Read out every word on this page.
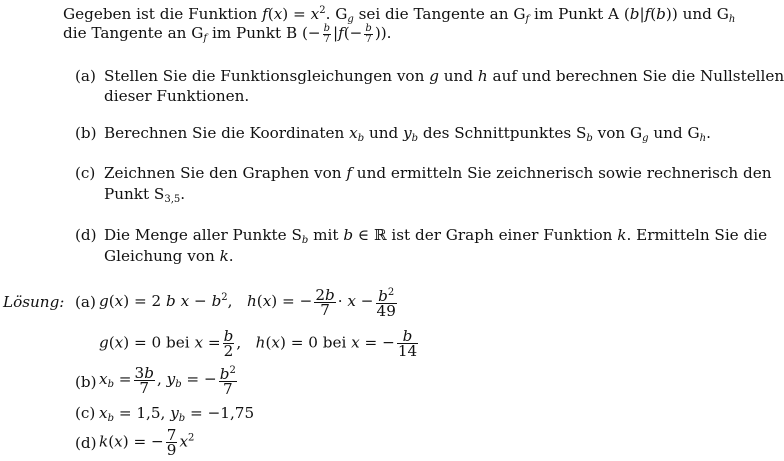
Gegeben ist die Funktion $f(x) = x^2$. $G_g$ sei die Tangente an $G_f$ im Punkt A (b|f(b)) und $G_h$
die Tangente an $G_f$ im Punkt B (− $\frac{b}{7} |f(- \frac{b}{7}$ )).
(a) Stellen Sie die Funktionsgleichungen von g und h auf und berechnen Sie die Nullstellen
dieser Funktionen.
(b) Berechnen Sie die Koordinaten $x_b$ und $y_b$ des Schnittpunktes $S_b$ von $G_g$ und $G_h$.
(c) Zeichnen Sie den Graphen von f und ermitteln Sie zeichnerisch sowie rechnerisch den
Punkt $S_{3,5}$.
(d) Die Menge aller Punkte $S_b$ mit b ∈ ℝ ist der Graph einer Funktion k. Ermitteln Sie die
Gleichung von k.
Lösung: (a) g(x) = 2 b $x - b^2$,   h(x) = − $\frac{2b}{7} \cdot x - \frac{b^2}{49}$
g(x) = 0 bei $x = \frac{b}{2}$ ,   h(x) = 0 bei x = − $\frac{b}{14}$
(b) $x_b = \frac{3b}{7}$ , $y_b$ = − $\frac{b^2}{7}$
(c) $x_b = 1,5$, $y_b = -1,75$
(d) k(x) = − $\frac{7}{9} x^2$
